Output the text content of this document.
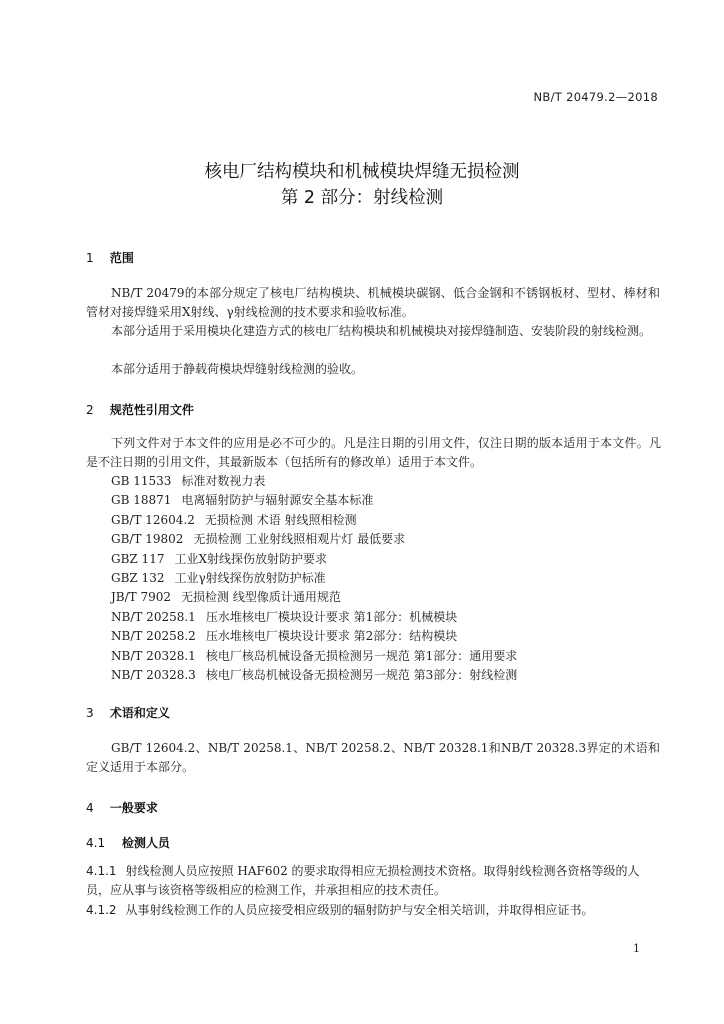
NB/T 20479.2—2018
核电厂结构模块和机械模块焊缝无损检测
第 2 部分：射线检测
1 范围
NB/T 20479的本部分规定了核电厂结构模块、机械模块碳钢、低合金钢和不锈钢板材、型材、棒材和管材对接焊缝采用X射线、γ射线检测的技术要求和验收标准。
本部分适用于采用模块化建造方式的核电厂结构模块和机械模块对接焊缝制造、安装阶段的射线检测。
本部分适用于静载荷模块焊缝射线检测的验收。
2 规范性引用文件
下列文件对于本文件的应用是必不可少的。凡是注日期的引用文件，仅注日期的版本适用于本文件。凡是不注日期的引用文件，其最新版本（包括所有的修改单）适用于本文件。
GB 11533 标准对数视力表
GB 18871 电离辐射防护与辐射源安全基本标准
GB/T 12604.2 无损检测 术语 射线照相检测
GB/T 19802 无损检测 工业射线照相观片灯 最低要求
GBZ 117 工业X射线探伤放射防护要求
GBZ 132 工业γ射线探伤放射防护标准
JB/T 7902 无损检测 线型像质计通用规范
NB/T 20258.1 压水堆核电厂模块设计要求 第1部分：机械模块
NB/T 20258.2 压水堆核电厂模块设计要求 第2部分：结构模块
NB/T 20328.1 核电厂核岛机械设备无损检测另一规范 第1部分：通用要求
NB/T 20328.3 核电厂核岛机械设备无损检测另一规范 第3部分：射线检测
3 术语和定义
GB/T 12604.2、NB/T 20258.1、NB/T 20258.2、NB/T 20328.1和NB/T 20328.3界定的术语和定义适用于本部分。
4 一般要求
4.1 检测人员
4.1.1 射线检测人员应按照 HAF602 的要求取得相应无损检测技术资格。取得射线检测各资格等级的人员，应从事与该资格等级相应的检测工作，并承担相应的技术责任。
4.1.2 从事射线检测工作的人员应接受相应级别的辐射防护与安全相关培训，并取得相应证书。
1
